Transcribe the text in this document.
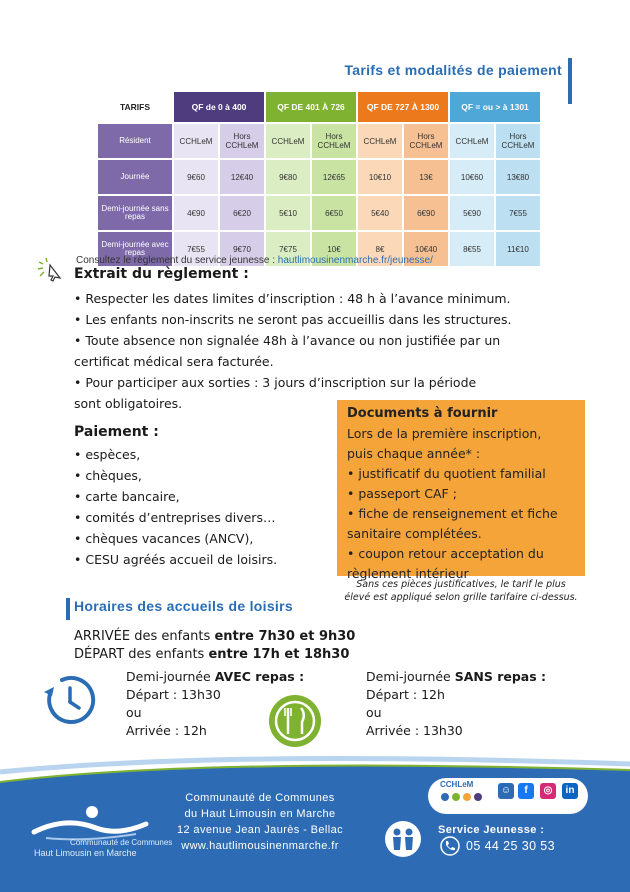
Tarifs et modalités de paiement
TARIFS	QF de 0 à 400		QF DE 401 À 726		QF DE 727 À 1300		QF = ou > à 1301	
Résident	CCHLeM	Hors CCHLeM	CCHLeM	Hors CCHLeM	CCHLeM	Hors CCHLeM	CCHLeM	Hors CCHLeM
Journée	9€60	12€40	9€80	12€65	10€10	13€	10€60	13€80
Demi-journée sans repas	4€90	6€20	5€10	6€50	5€40	6€90	5€90	7€55
Demi-journée avec repas	7€55	9€70	7€75	10€	8€	10€40	8€55	11€10
Consultez le règlement du service jeunesse : hautlimousinenmarche.fr/jeunesse/
Extrait du règlement :

• Respecter les dates limites d’inscription : 48 h à l’avance minimum.

• Les enfants non-inscrits ne seront pas accueillis dans les structures.

• Toute absence non signalée 48h à l’avance ou non justifiée par un

certificat médical sera facturée.

• Pour participer aux sorties : 3 jours d’inscription sur la période

sont obligatoires.

Paiement :

• espèces,

• chèques,

• carte bancaire,

• comités d’entreprises divers…

• chèques vacances (ANCV),

• CESU agréés accueil de loisirs.

Documents à fournir
Lors de la première inscription,
puis chaque année* :
• justificatif du quotient familial
• passeport CAF ;
• fiche de renseignement et fiche
sanitaire complétées.
• coupon retour acceptation du
règlement intérieur
Sans ces pièces justificatives, le tarif le plus
élevé est appliqué selon grille tarifaire ci-dessus.
Horaires des accueils de loisirs
ARRIVÉE des enfants entre 7h30 et 9h30
DÉPART des enfants entre 17h et 18h30
Demi-journée AVEC repas :
Départ : 13h30
ou
Arrivée : 12h
Demi-journée SANS repas :
Départ : 12h
ou
Arrivée : 13h30
Communauté de Communes
Haut Limousin en Marche
Communauté de Communes
du Haut Limousin en Marche
12 avenue Jean Jaurès - Bellac
www.hautlimousinenmarche.fr
CCHLeM
☺	f	◎	in
Service Jeunesse :
05 44 25 30 53
